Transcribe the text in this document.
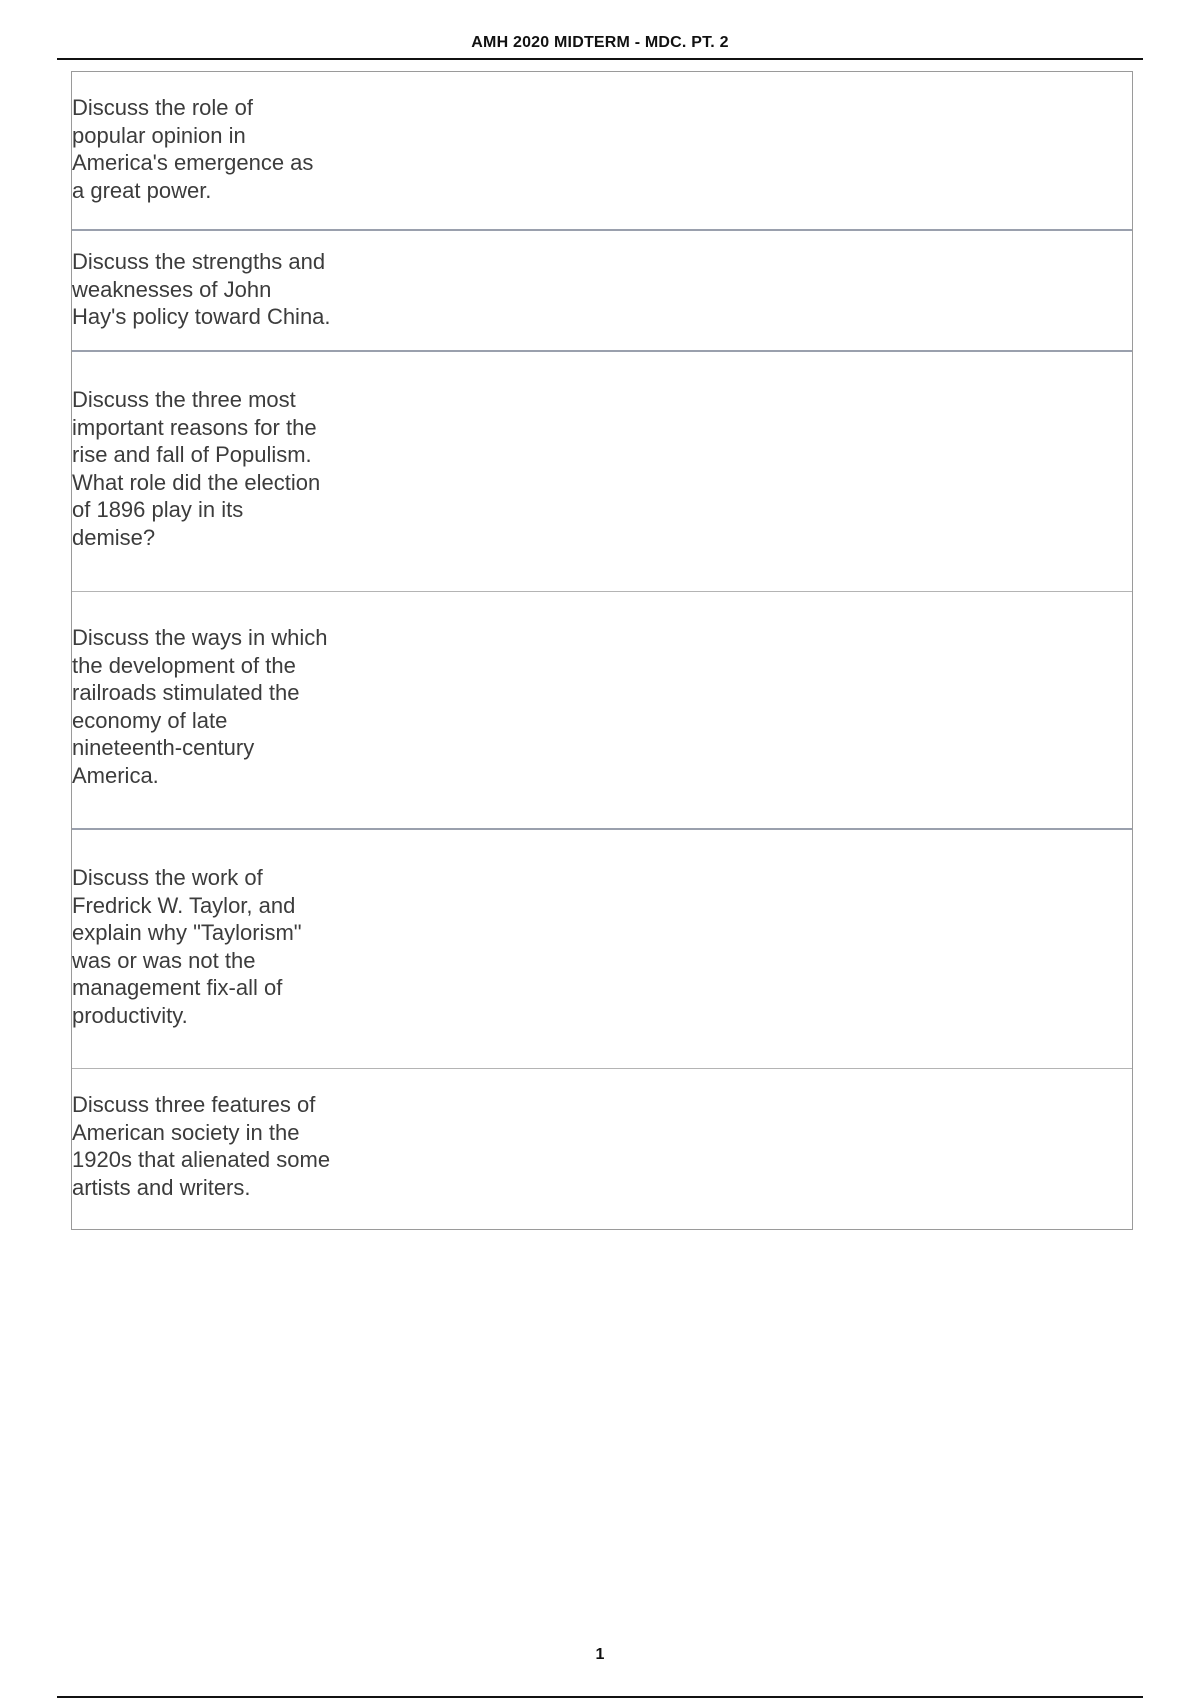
AMH 2020 MIDTERM - MDC. PT. 2

Discuss the role of
popular opinion in
America's emergence as
a great power.

Discuss the strengths and
weaknesses of John
Hay's policy toward China.

Discuss the three most
important reasons for the
rise and fall of Populism.
What role did the election
of 1896 play in its
demise?

Discuss the ways in which
the development of the
railroads stimulated the
economy of late
nineteenth-century
America.

Discuss the work of
Fredrick W. Taylor, and
explain why "Taylorism"
was or was not the
management fix-all of
productivity.

Discuss three features of
American society in the
1920s that alienated some
artists and writers.

1
